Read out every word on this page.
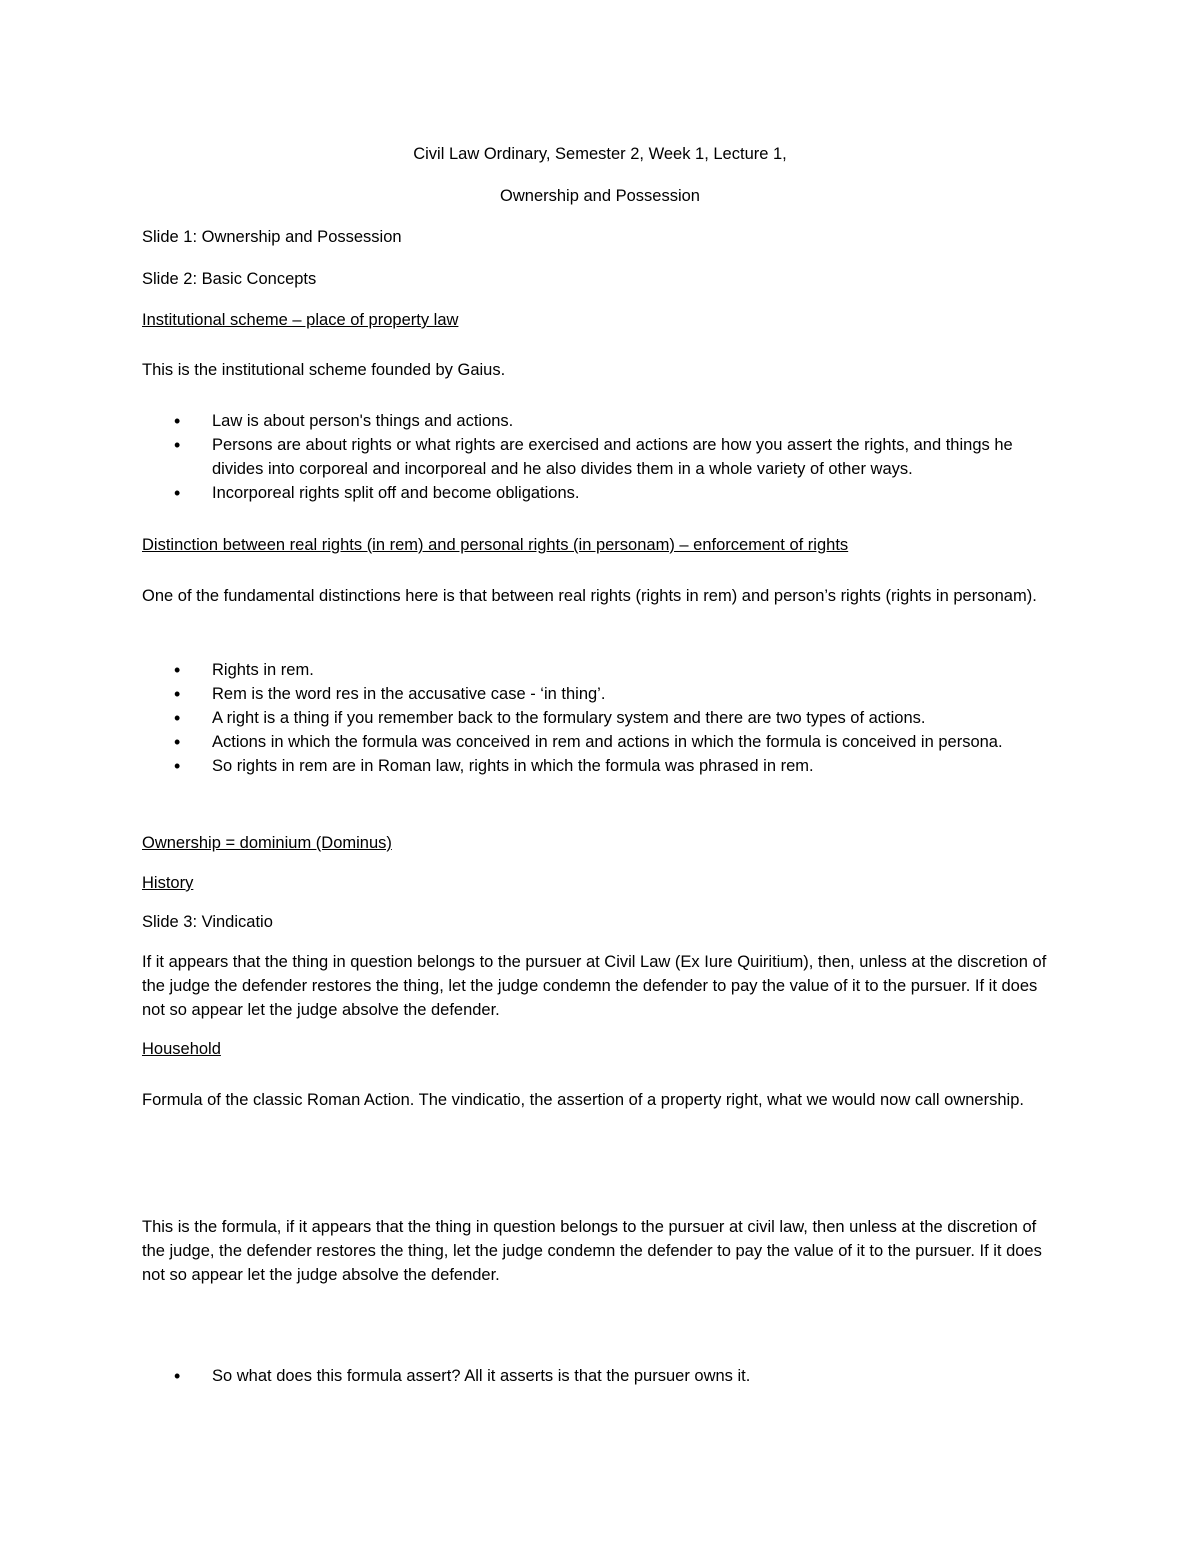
Civil Law Ordinary, Semester 2, Week 1, Lecture 1,

Ownership and Possession

Slide 1: Ownership and Possession

Slide 2: Basic Concepts

Institutional scheme – place of property law

This is the institutional scheme founded by Gaius.

• Law is about person's things and actions.
• Persons are about rights or what rights are exercised and actions are how you assert the rights, and things he divides into corporeal and incorporeal and he also divides them in a whole variety of other ways.
• Incorporeal rights split off and become obligations.

Distinction between real rights (in rem) and personal rights (in personam) – enforcement of rights

One of the fundamental distinctions here is that between real rights (rights in rem) and person’s rights (rights in personam).

• Rights in rem.
• Rem is the word res in the accusative case - ‘in thing’.
• A right is a thing if you remember back to the formulary system and there are two types of actions.
• Actions in which the formula was conceived in rem and actions in which the formula is conceived in persona.
• So rights in rem are in Roman law, rights in which the formula was phrased in rem.

Ownership = dominium (Dominus)

History

Slide 3: Vindicatio

If it appears that the thing in question belongs to the pursuer at Civil Law (Ex Iure Quiritium), then, unless at the discretion of the judge the defender restores the thing, let the judge condemn the defender to pay the value of it to the pursuer. If it does not so appear let the judge absolve the defender.

Household

Formula of the classic Roman Action. The vindicatio, the assertion of a property right, what we would now call ownership.

This is the formula, if it appears that the thing in question belongs to the pursuer at civil law, then unless at the discretion of the judge, the defender restores the thing, let the judge condemn the defender to pay the value of it to the pursuer. If it does not so appear let the judge absolve the defender.

• So what does this formula assert? All it asserts is that the pursuer owns it.
